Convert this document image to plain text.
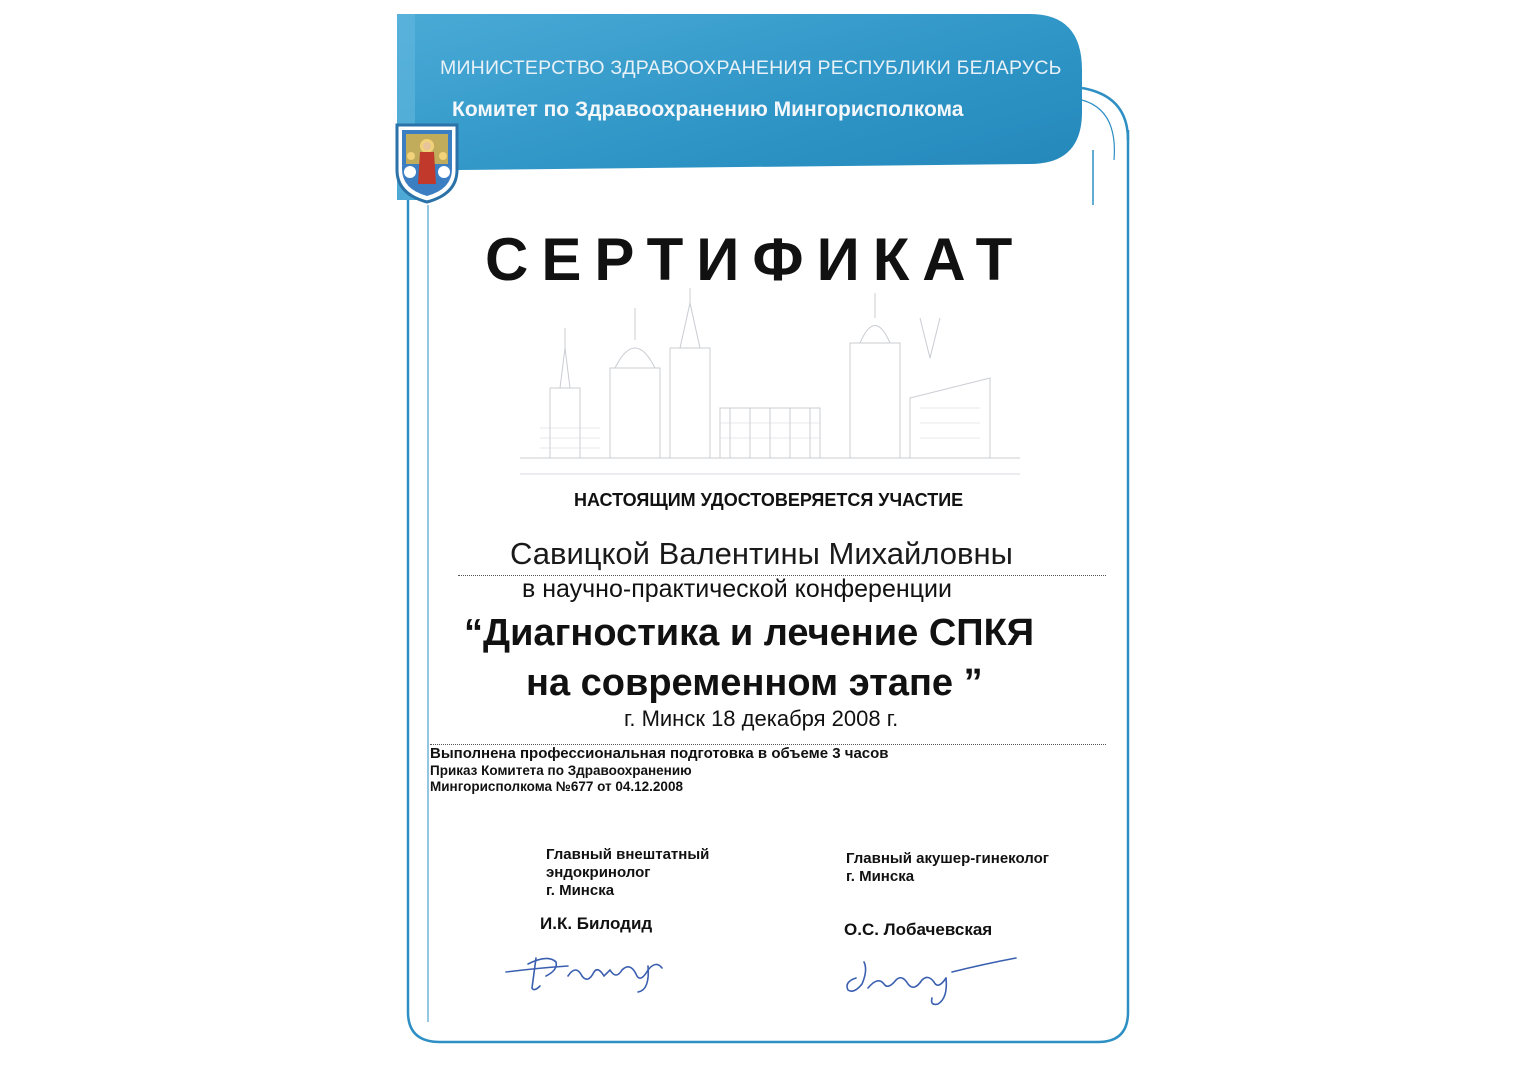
МИНИСТЕРСТВО ЗДРАВООХРАНЕНИЯ РЕСПУБЛИКИ БЕЛАРУСЬ
Комитет по Здравоохранению Мингорисполкома
СЕРТИФИКАТ
НАСТОЯЩИМ УДОСТОВЕРЯЕТСЯ УЧАСТИЕ
Савицкой Валентины Михайловны
в научно-практической конференции
“Диагностика и лечение СПКЯ
на современном этапе ”
г. Минск 18 декабря 2008 г.
Выполнена профессиональная подготовка в объеме 3 часов
Приказ Комитета по Здравоохранению
Мингорисполкома №677 от 04.12.2008
Главный внештатный
эндокринолог
г. Минска
И.К. Билодид
Главный акушер-гинеколог
г. Минска
О.С. Лобачевская
